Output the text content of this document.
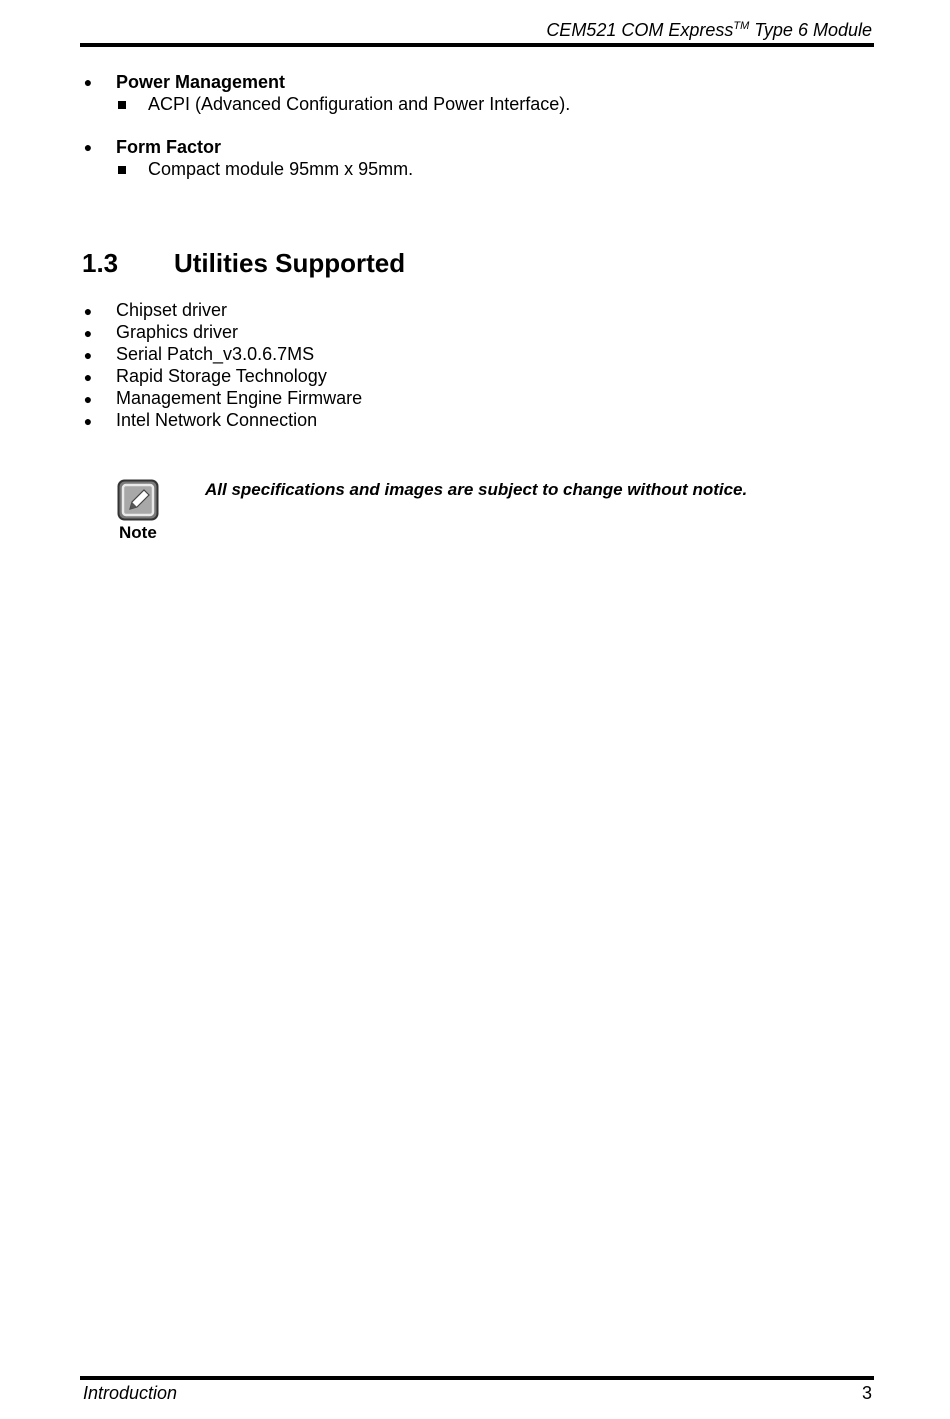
CEM521 COM Express™ Type 6 Module
● Power Management
ACPI (Advanced Configuration and Power Interface).
● Form Factor
Compact module 95mm x 95mm.
1.3 Utilities Supported
● Chipset driver
● Graphics driver
● Serial Patch_v3.0.6.7MS
● Rapid Storage Technology
● Management Engine Firmware
● Intel Network Connection
Note
All specifications and images are subject to change without notice.
Introduction	3
